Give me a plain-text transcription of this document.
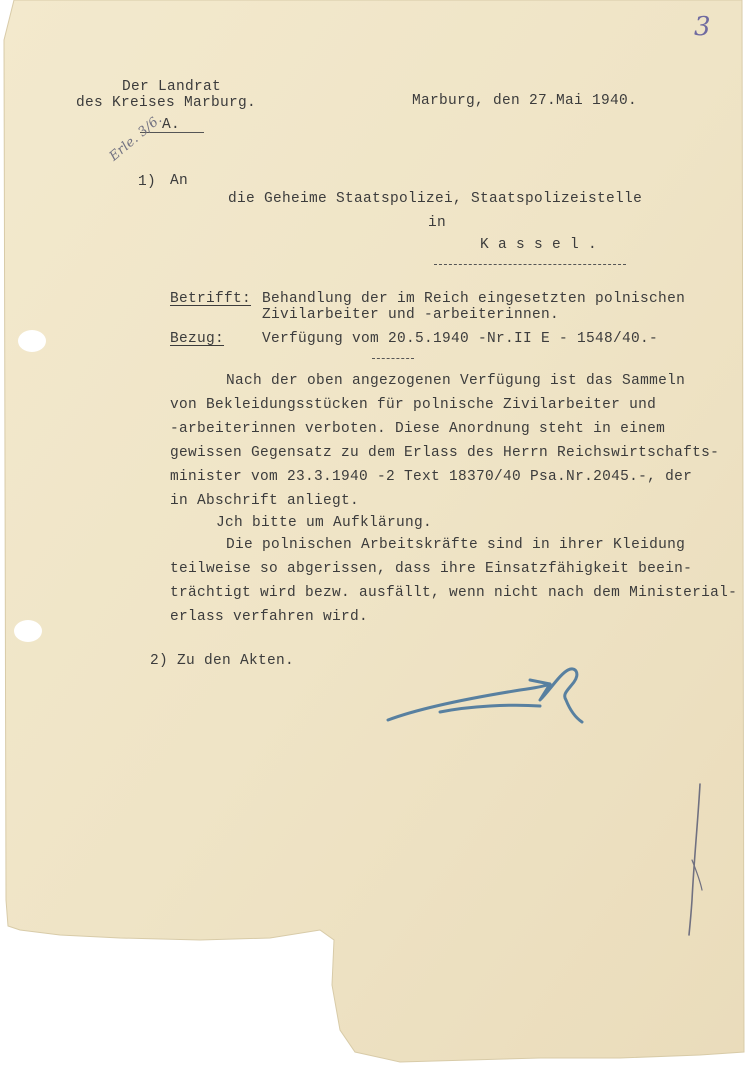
3
Der Landrat
des Kreises Marburg.
A.
Marburg, den 27.Mai 1940.
Erle. 3/6.
1) An
die Geheime Staatspolizei, Staatspolizeistelle
in
K a s s e l .
Betrifft: Behandlung der im Reich eingesetzten polnischen
Zivilarbeiter und -arbeiterinnen.
Bezug:	Verfügung vom 20.5.1940 -Nr.II E - 1548/40.-
Nach der oben angezogenen Verfügung ist das Sammeln
von Bekleidungsstücken für polnische Zivilarbeiter und
-arbeiterinnen verboten. Diese Anordnung steht in einem
gewissen Gegensatz zu dem Erlass des Herrn Reichswirtschafts-
minister vom 23.3.1940 -2 Text 18370/40 Psa.Nr.2045.-, der
in Abschrift anliegt.
Jch bitte um Aufklärung.
Die polnischen Arbeitskräfte sind in ihrer Kleidung
teilweise so abgerissen, dass ihre Einsatzfähigkeit beein-
trächtigt wird bezw. ausfällt, wenn nicht nach dem Ministerial-
erlass verfahren wird.
2) Zu den Akten.
